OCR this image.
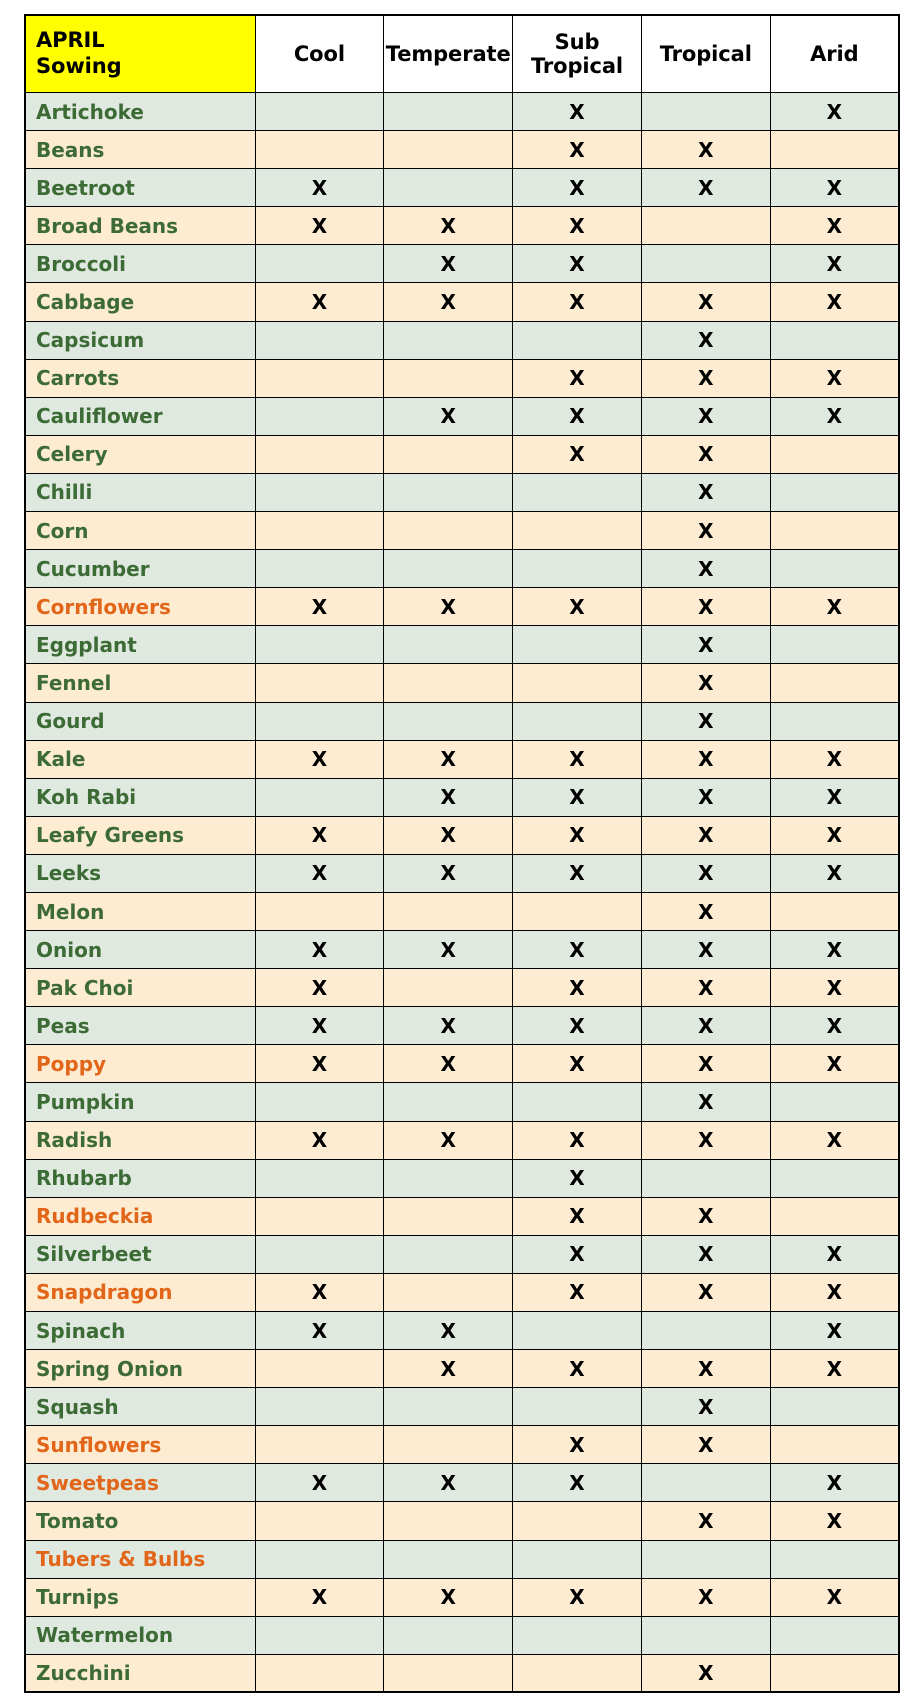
APRIL
Sowing	Cool	Temperate	Sub Tropical	Tropical	Arid
Artichoke			X		X
Beans			X	X	
Beetroot	X		X	X	X
Broad Beans	X	X	X		X
Broccoli		X	X		X
Cabbage	X	X	X	X	X
Capsicum				X	
Carrots			X	X	X
Cauliflower		X	X	X	X
Celery			X	X	
Chilli				X	
Corn				X	
Cucumber				X	
Cornflowers	X	X	X	X	X
Eggplant				X	
Fennel				X	
Gourd				X	
Kale	X	X	X	X	X
Koh Rabi		X	X	X	X
Leafy Greens	X	X	X	X	X
Leeks	X	X	X	X	X
Melon				X	
Onion	X	X	X	X	X
Pak Choi	X		X	X	X
Peas	X	X	X	X	X
Poppy	X	X	X	X	X
Pumpkin				X	
Radish	X	X	X	X	X
Rhubarb			X		
Rudbeckia			X	X	
Silverbeet			X	X	X
Snapdragon	X		X	X	X
Spinach	X	X			X
Spring Onion		X	X	X	X
Squash				X	
Sunflowers			X	X	
Sweetpeas	X	X	X		X
Tomato				X	X
Tubers & Bulbs					
Turnips	X	X	X	X	X
Watermelon					
Zucchini				X	
